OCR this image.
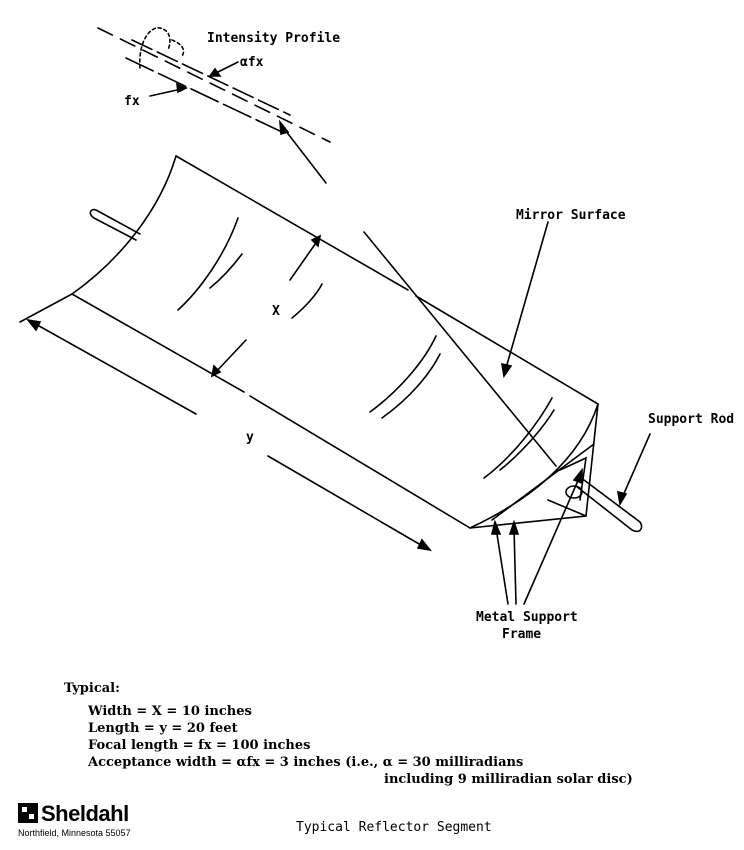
Intensity Profile
αfx
fx
Mirror Surface
X
y
Support Rod
Metal Support
Frame
Typical:
Width = X = 10 inches
Length = y = 20 feet
Focal length = fx = 100 inches
Acceptance width = αfx = 3 inches (i.e., α = 30 milliradians
including 9 milliradian solar disc)
Sheldahl
Northfield, Minnesota 55057	Typical Reflector Segment
